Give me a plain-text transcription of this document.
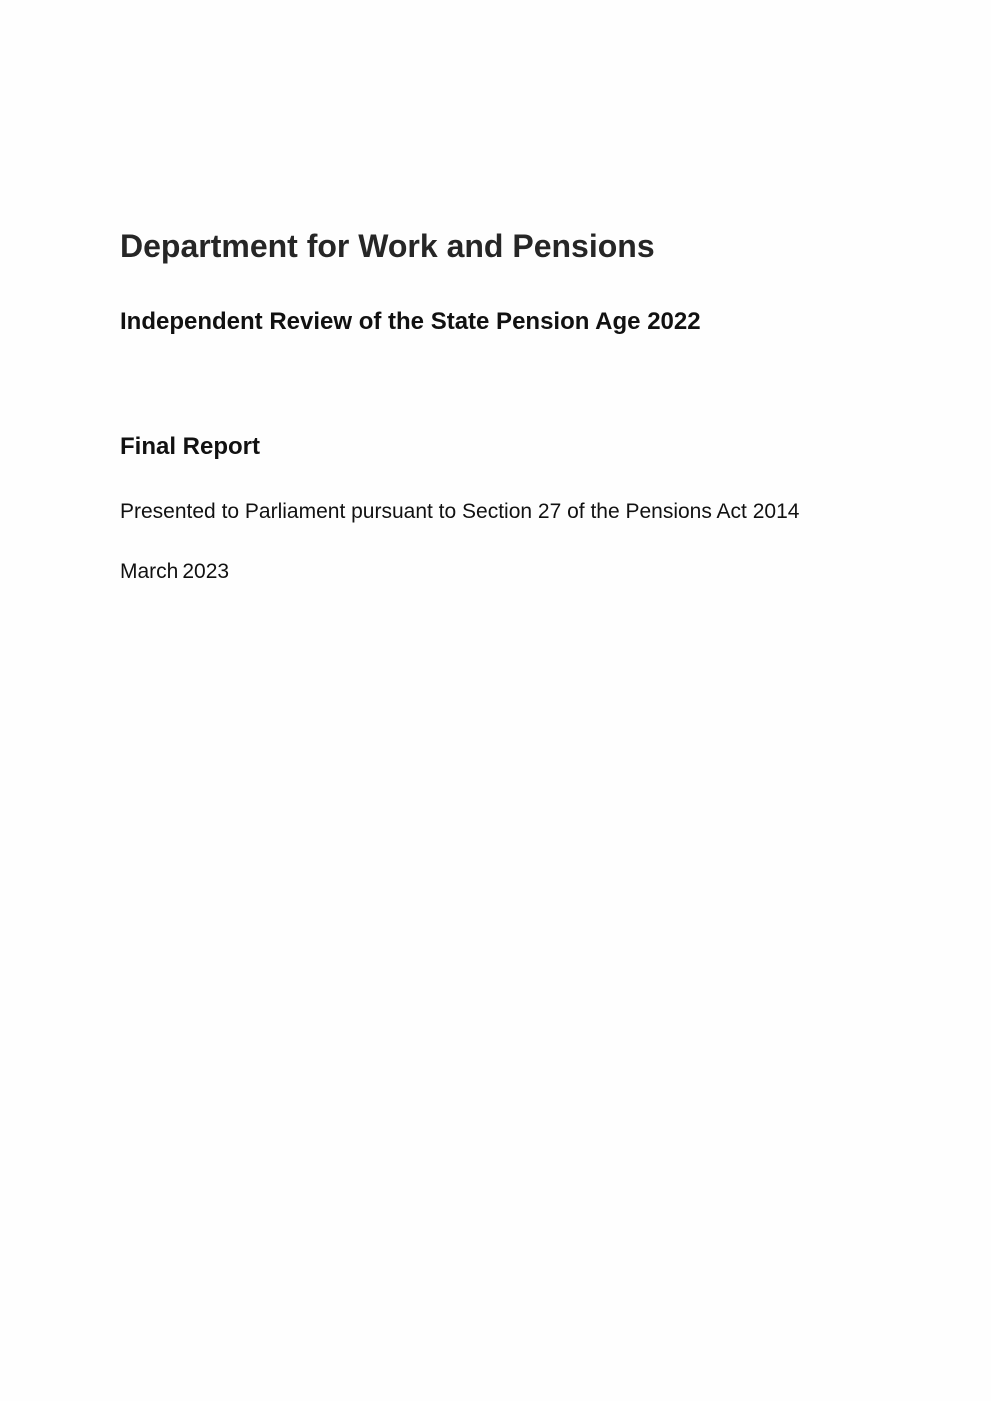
Department for Work and Pensions
Independent Review of the State Pension Age 2022
Final Report

Presented to Parliament pursuant to Section 27 of the Pensions Act 2014

March 2023
